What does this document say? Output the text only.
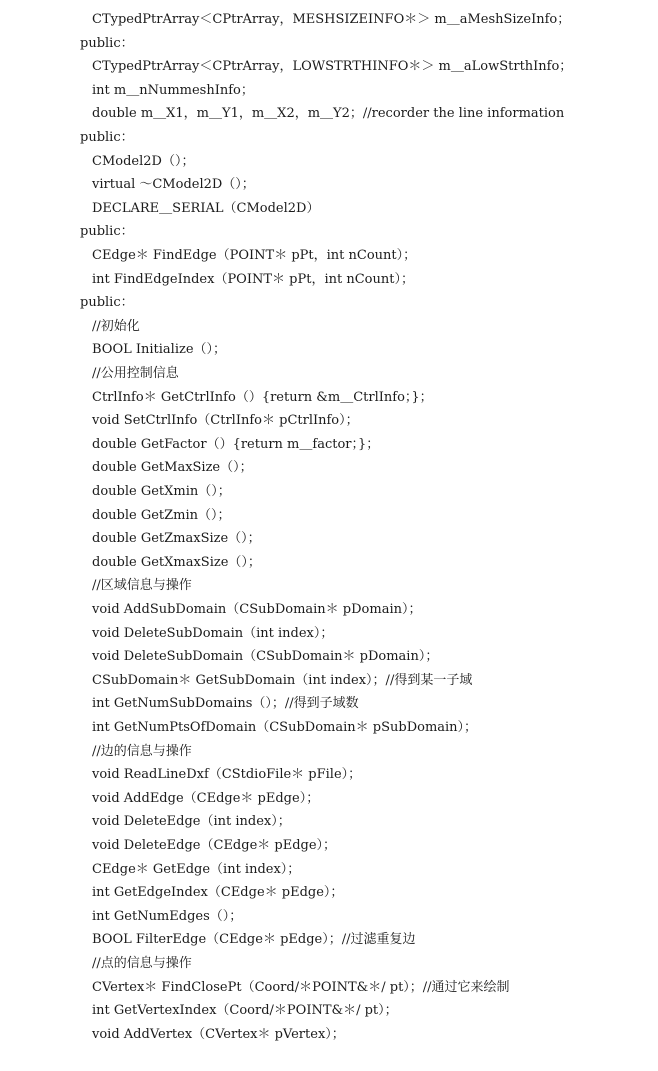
CTypedPtrArray＜CPtrArray，MESHSIZEINFO＊＞ m＿aMeshSizeInfo；
public：
CTypedPtrArray＜CPtrArray，LOWSTRTHINFO＊＞ m＿aLowStrthInfo；
int m＿nNummeshInfo；
double m＿X1，m＿Y1，m＿X2，m＿Y2；//recorder the line information
public：
CModel2D（）；
virtual ～CModel2D（）；
DECLARE＿SERIAL（CModel2D）
public：
CEdge＊ FindEdge（POINT＊ pPt，int nCount）；
int FindEdgeIndex（POINT＊ pPt，int nCount）；
public：
//初始化
BOOL Initialize（）；
//公用控制信息
CtrlInfo＊ GetCtrlInfo（）{return &m＿CtrlInfo；}；
void SetCtrlInfo（CtrlInfo＊ pCtrlInfo）；
double GetFactor（）{return m＿factor；}；
double GetMaxSize（）；
double GetXmin（）；
double GetZmin（）；
double GetZmaxSize（）；
double GetXmaxSize（）；
//区域信息与操作
void AddSubDomain（CSubDomain＊ pDomain）；
void DeleteSubDomain（int index）；
void DeleteSubDomain（CSubDomain＊ pDomain）；
CSubDomain＊ GetSubDomain（int index）；//得到某一子域
int GetNumSubDomains（）；//得到子域数
int GetNumPtsOfDomain（CSubDomain＊ pSubDomain）；
//边的信息与操作
void ReadLineDxf（CStdioFile＊ pFile）；
void AddEdge（CEdge＊ pEdge）；
void DeleteEdge（int index）；
void DeleteEdge（CEdge＊ pEdge）；
CEdge＊ GetEdge（int index）；
int GetEdgeIndex（CEdge＊ pEdge）；
int GetNumEdges（）；
BOOL FilterEdge（CEdge＊ pEdge）；//过滤重复边
//点的信息与操作
CVertex＊ FindClosePt（Coord/＊POINT&＊/ pt）；//通过它来绘制
int GetVertexIndex（Coord/＊POINT&＊/ pt）；
void AddVertex（CVertex＊ pVertex）；
